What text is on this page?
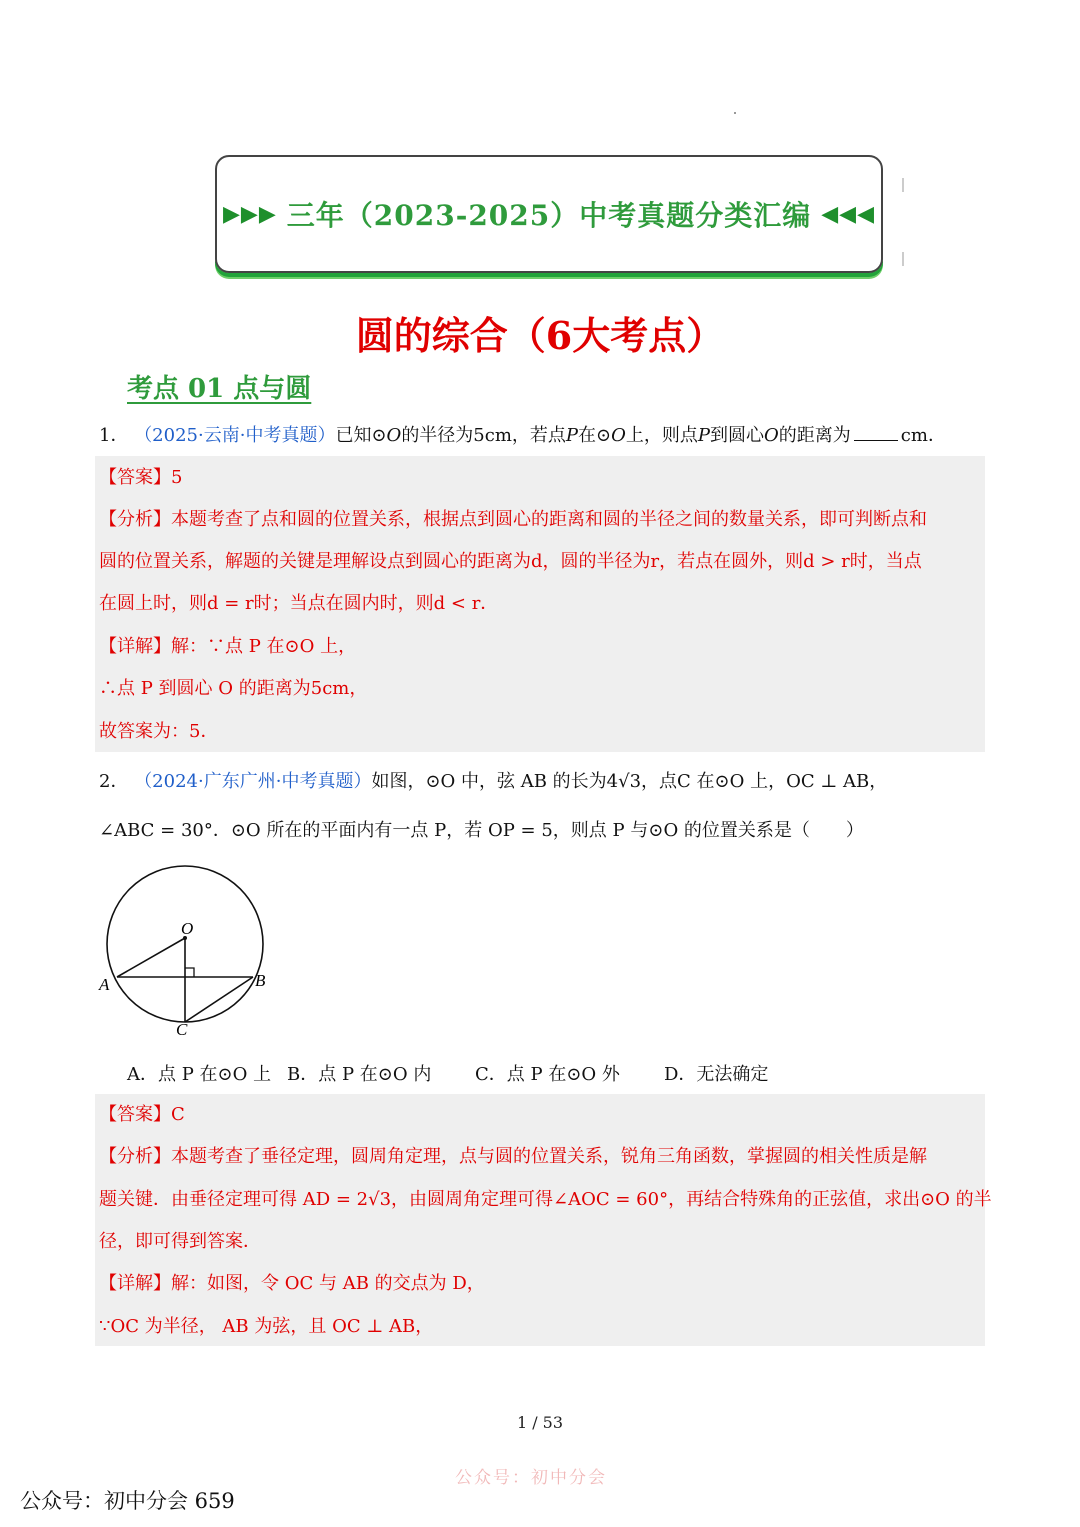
▶▶▶ 三年（2023-2025）中考真题分类汇编 ◀◀◀
圆的综合（6大考点）
考点 01 点与圆
1． （2025·云南·中考真题）已知⊙O的半径为5cm，若点P在⊙O上，则点P到圆心O的距离为	cm．
【答案】5
【分析】本题考查了点和圆的位置关系，根据点到圆心的距离和圆的半径之间的数量关系，即可判断点和
圆的位置关系，解题的关键是理解设点到圆心的距离为d，圆的半径为r，若点在圆外，则d > r时，当点
在圆上时，则d = r时；当点在圆内时，则d < r．
【详解】解：∵点 P 在⊙O 上，
∴点 P 到圆心 O 的距离为5cm，
故答案为：5．
2． （2024·广东广州·中考真题）如图，⊙O 中，弦 AB 的长为4√3，点C 在⊙O 上，OC ⊥ AB，
∠ABC = 30°．⊙O 所在的平面内有一点 P，若 OP = 5，则点 P 与⊙O 的位置关系是（　　）
O
A	B
C
A．点 P 在⊙O 上 B．点 P 在⊙O 内 C．点 P 在⊙O 外 D．无法确定
【答案】C
【分析】本题考查了垂径定理，圆周角定理，点与圆的位置关系，锐角三角函数，掌握圆的相关性质是解
题关键．由垂径定理可得 AD = 2√3，由圆周角定理可得∠AOC = 60°，再结合特殊角的正弦值，求出⊙O 的半
径，即可得到答案．
【详解】解：如图，令 OC 与 AB 的交点为 D，
∵OC 为半径， AB 为弦，且 OC ⊥ AB，
1 / 53
公众号：初中分会
公众号：初中分会 659
